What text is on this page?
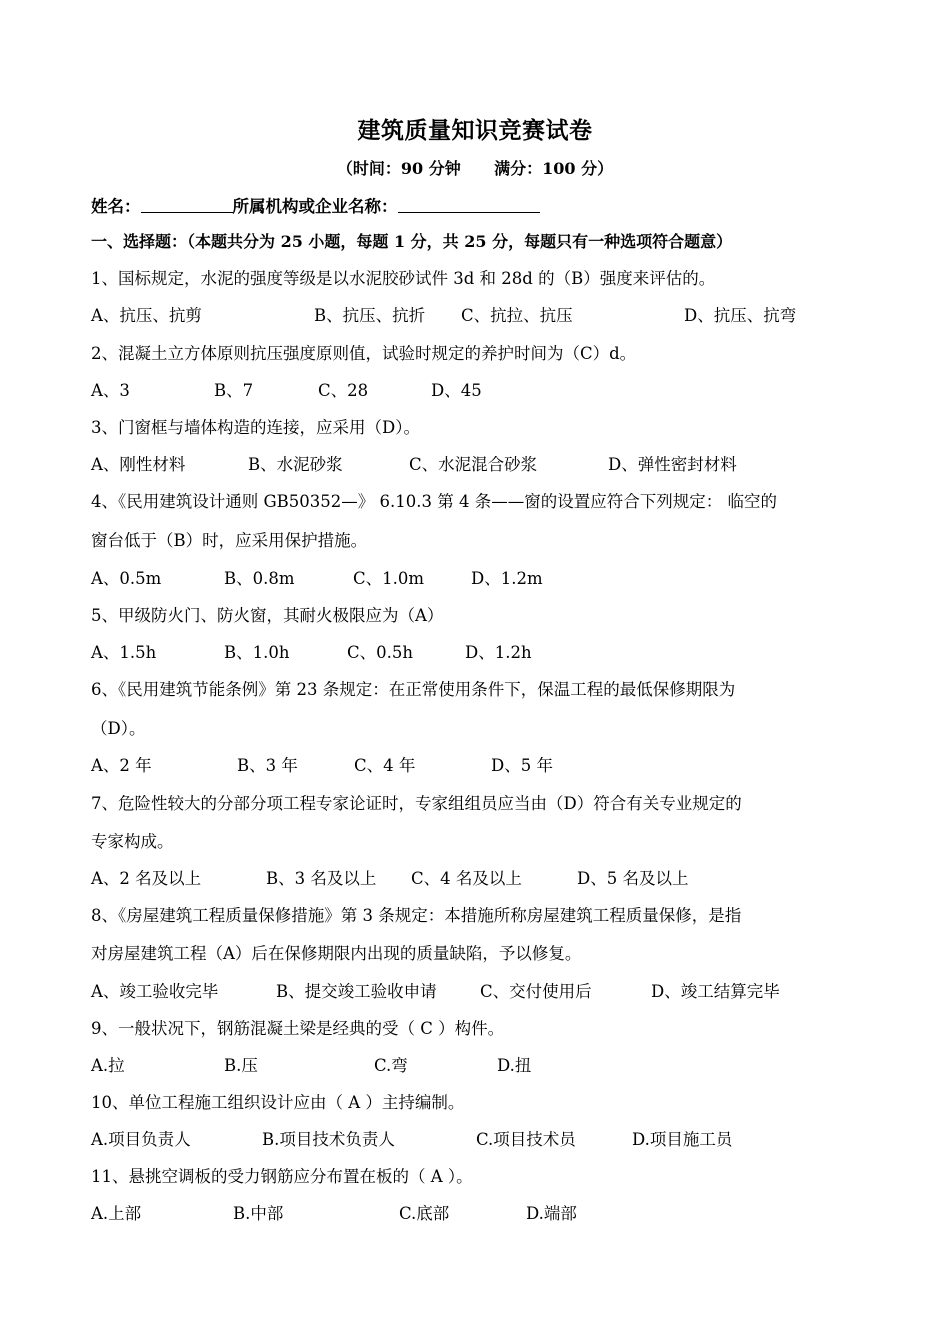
建筑质量知识竞赛试卷
（时间：90 分钟      满分：100 分）
姓名：	所属机构或企业名称：
一、选择题：（本题共分为 25 小题，每题 1 分，共 25 分，每题只有一种选项符合题意）
1、国标规定，水泥的强度等级是以水泥胶砂试件 3d 和 28d 的（B）强度来评估的。
A、抗压、抗剪	B、抗压、抗折 C、抗拉、抗压	D、抗压、抗弯
2、混凝土立方体原则抗压强度原则值，试验时规定的养护时间为（C）d。
A、3	B、7	C、28	D、45
3、门窗框与墙体构造的连接，应采用（D）。
A、刚性材料	B、水泥砂浆	C、水泥混合砂浆	D、弹性密封材料
4、《民用建筑设计通则 GB50352—》 6.10.3 第 4 条——窗的设置应符合下列规定： 临空的
窗台低于（B）时，应采用保护措施。
A、0.5m	B、0.8m	C、1.0m	D、1.2m
5、甲级防火门、防火窗，其耐火极限应为（A）
A、1.5h	B、1.0h	C、0.5h	D、1.2h
6、《民用建筑节能条例》第 23 条规定：在正常使用条件下，保温工程的最低保修期限为
（D）。
A、2 年	B、3 年	C、4 年	D、5 年
7、危险性较大的分部分项工程专家论证时，专家组组员应当由（D）符合有关专业规定的
专家构成。
A、2 名及以上	B、3 名及以上 C、4 名及以上	D、5 名及以上
8、《房屋建筑工程质量保修措施》第 3 条规定：本措施所称房屋建筑工程质量保修，是指
对房屋建筑工程（A）后在保修期限内出现的质量缺陷，予以修复。
A、竣工验收完毕	B、提交竣工验收申请	C、交付使用后	D、竣工结算完毕
9、一般状况下，钢筋混凝土梁是经典的受（ C ）构件。
A.拉	B.压	C.弯	D.扭
10、单位工程施工组织设计应由（ A ）主持编制。
A.项目负责人	B.项目技术负责人	C.项目技术员	D.项目施工员
11、悬挑空调板的受力钢筋应分布置在板的（ A ）。
A.上部	B.中部	C.底部	D.端部
